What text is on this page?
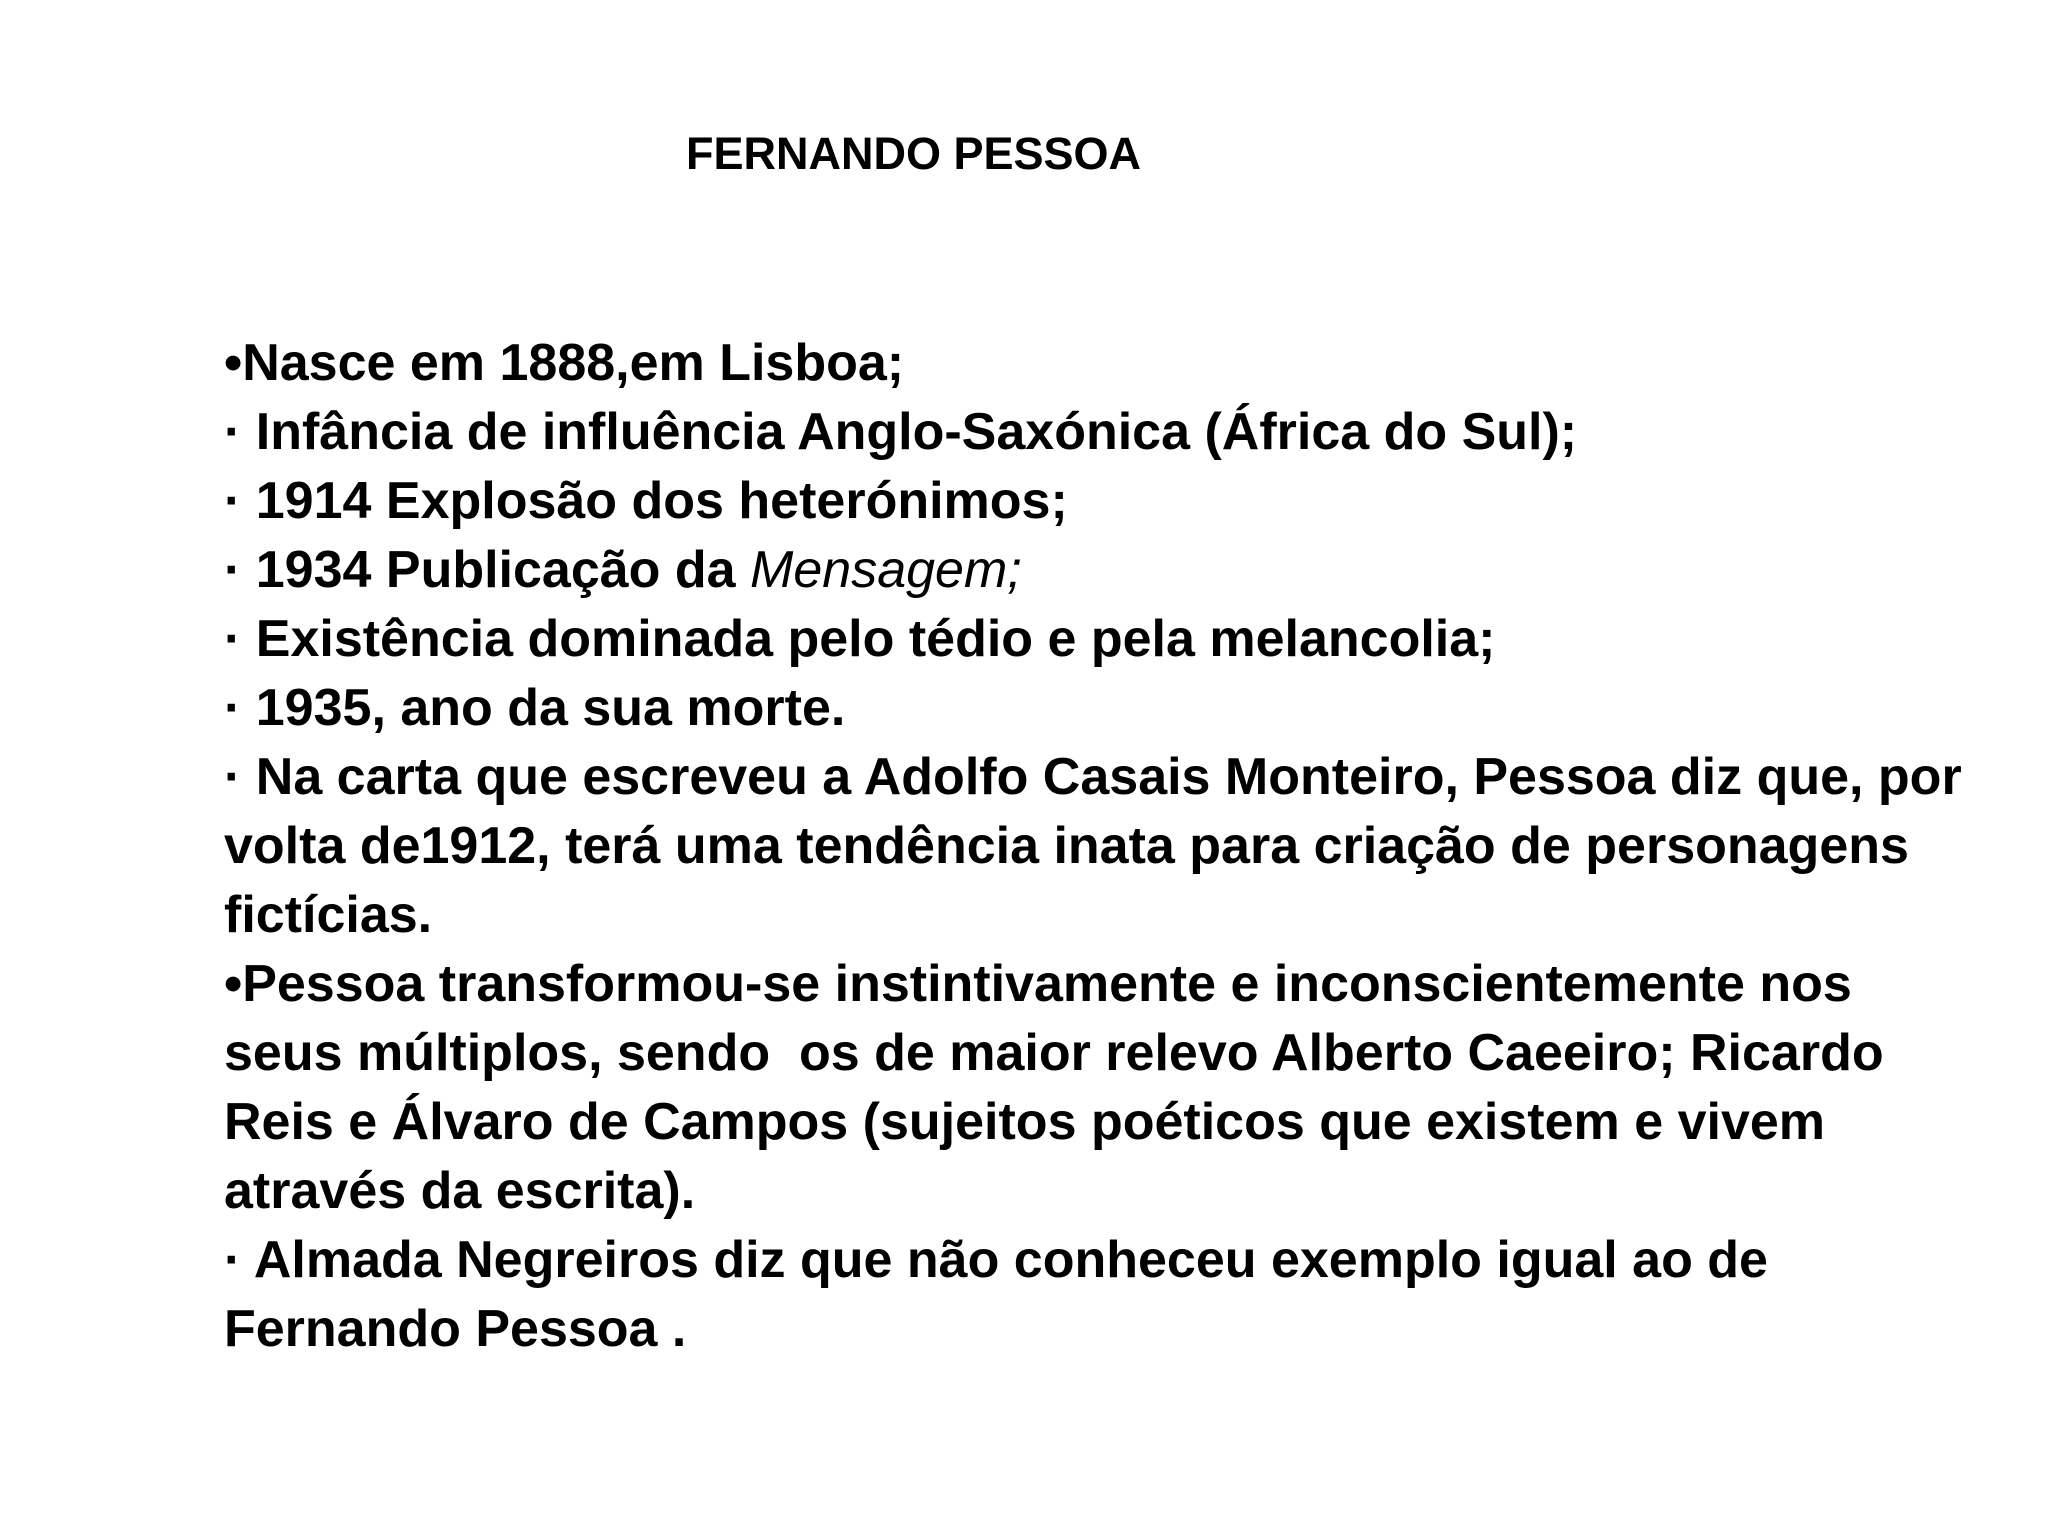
FERNANDO PESSOA

•Nasce em 1888,em Lisboa;

· Infância de influência Anglo-Saxónica (África do Sul);

· 1914 Explosão dos heterónimos;

· 1934 Publicação da Mensagem;

· Existência dominada pelo tédio e pela melancolia;

· 1935, ano da sua morte.

· Na carta que escreveu a Adolfo Casais Monteiro, Pessoa diz que, por volta de1912, terá uma tendência inata para criação de personagens fictícias.

•Pessoa transformou-se instintivamente e inconscientemente nos seus múltiplos, sendo  os de maior relevo Alberto Caeeiro; Ricardo Reis e Álvaro de Campos (sujeitos poéticos que existem e vivem através da escrita).

· Almada Negreiros diz que não conheceu exemplo igual ao de Fernando Pessoa .
